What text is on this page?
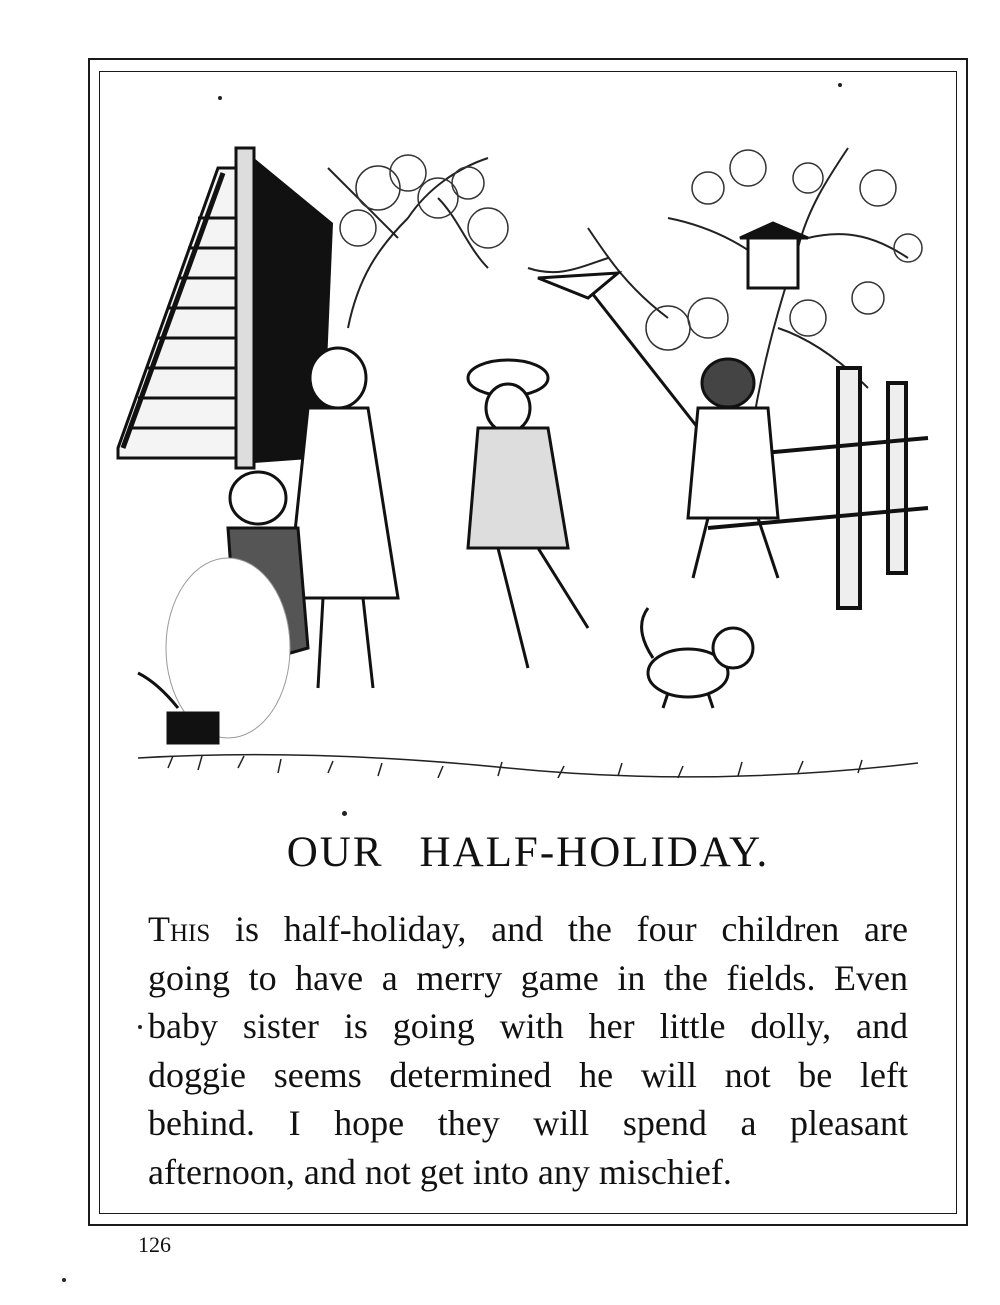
OUR HALF-HOLIDAY.
This is half-holiday, and the four children are
going to have a merry game in the fields. Even
baby sister is going with her little dolly, and
doggie seems determined he will not be left
behind. I hope they will spend a pleasant
afternoon, and not get into any mischief.
126
